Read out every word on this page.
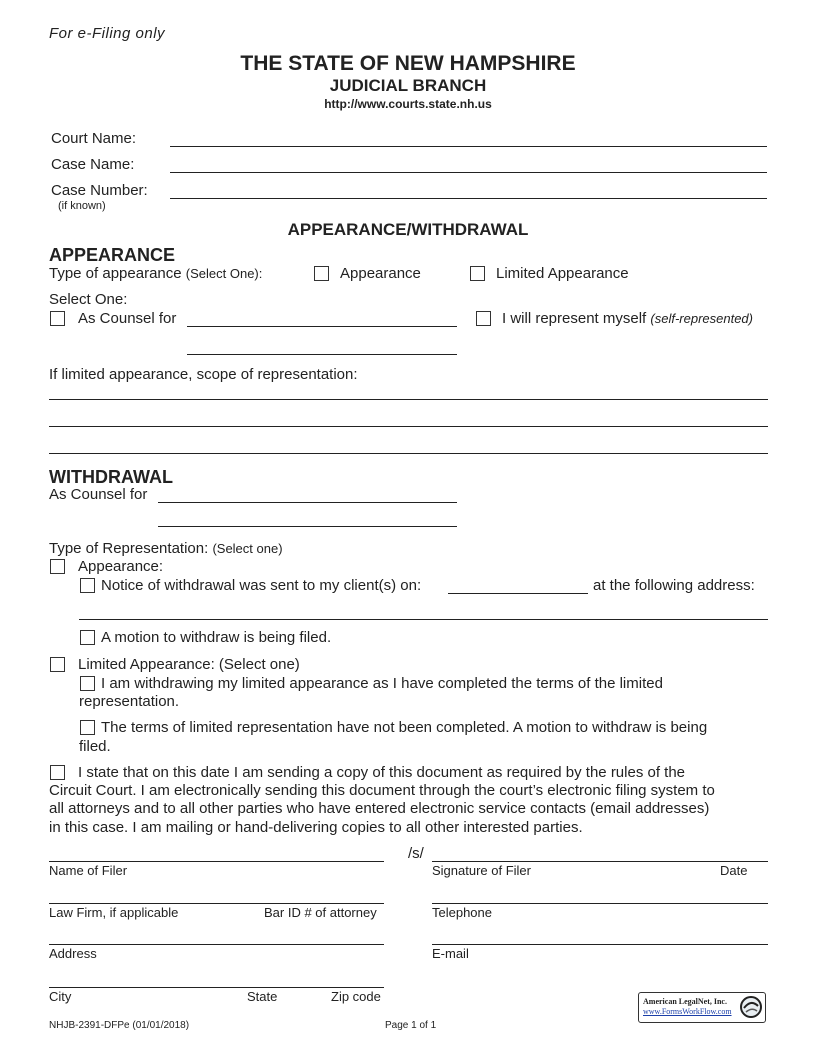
For e-Filing only
THE STATE OF NEW HAMPSHIRE
JUDICIAL BRANCH
http://www.courts.state.nh.us
Court Name:
Case Name:
Case Number:
(if known)
APPEARANCE/WITHDRAWAL
APPEARANCE
Type of appearance (Select One):	Appearance	Limited Appearance
Select One:
As Counsel for	I will represent myself (self-represented)
If limited appearance, scope of representation:
WITHDRAWAL
As Counsel for
Type of Representation: (Select one)
Appearance:
Notice of withdrawal was sent to my client(s) on:	at the following address:
A motion to withdraw is being filed.
Limited Appearance: (Select one)
I am withdrawing my limited appearance as I have completed the terms of the limited
representation.
The terms of limited representation have not been completed. A motion to withdraw is being
filed.
I state that on this date I am sending a copy of this document as required by the rules of the
Circuit Court. I am electronically sending this document through the court’s electronic filing system to
all attorneys and to all other parties who have entered electronic service contacts (email addresses)
in this case. I am mailing or hand-delivering copies to all other interested parties.
/s/
Name of Filer	Signature of Filer	Date
Law Firm, if applicable	Bar ID # of attorney	Telephone
Address	E-mail
City	State	Zip code
NHJB-2391-DFPe (01/01/2018)	Page 1 of 1
American LegalNet, Inc.
www.FormsWorkFlow.com
